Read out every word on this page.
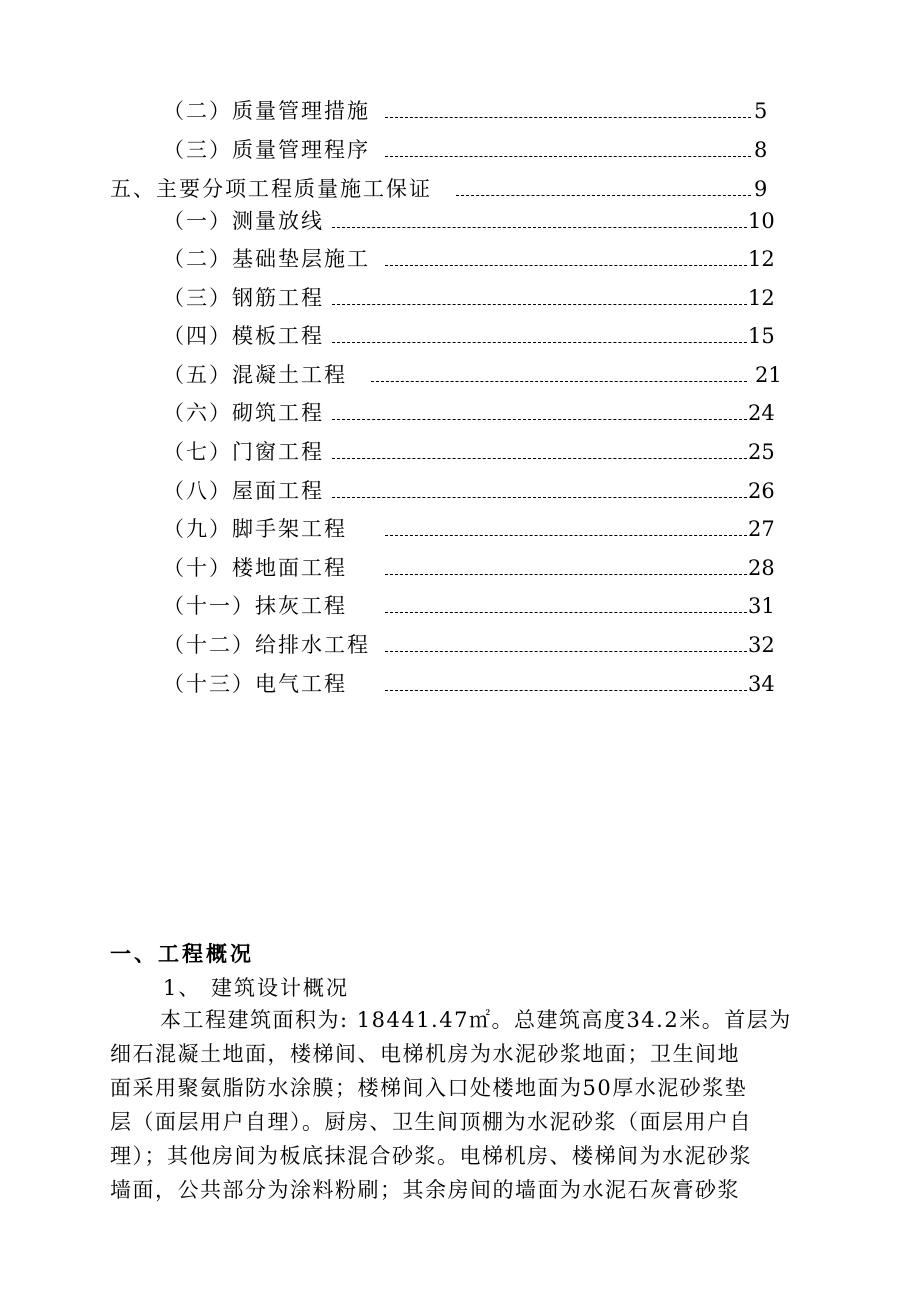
（二）质量管理措施	5
（三）质量管理程序	8
五、主要分项工程质量施工保证	9
（一）测量放线	10
（二）基础垫层施工	12
（三）钢筋工程	12
（四）模板工程	15
（五）混凝土工程	21
（六）砌筑工程	24
（七）门窗工程	25
（八）屋面工程	26
（九）脚手架工程	27
（十）楼地面工程	28
（十一）抹灰工程	31
（十二）给排水工程	32
（十三）电气工程	34
一、工程概况
1、 建筑设计概况
本工程建筑面积为: 18441.47㎡。总建筑高度34.2米。首层为
细石混凝土地面，楼梯间、电梯机房为水泥砂浆地面；卫生间地
面采用聚氨脂防水涂膜；楼梯间入口处楼地面为50厚水泥砂浆垫
层（面层用户自理）。厨房、卫生间顶棚为水泥砂浆（面层用户自
理）；其他房间为板底抹混合砂浆。电梯机房、楼梯间为水泥砂浆
墙面，公共部分为涂料粉刷；其余房间的墙面为水泥石灰膏砂浆
